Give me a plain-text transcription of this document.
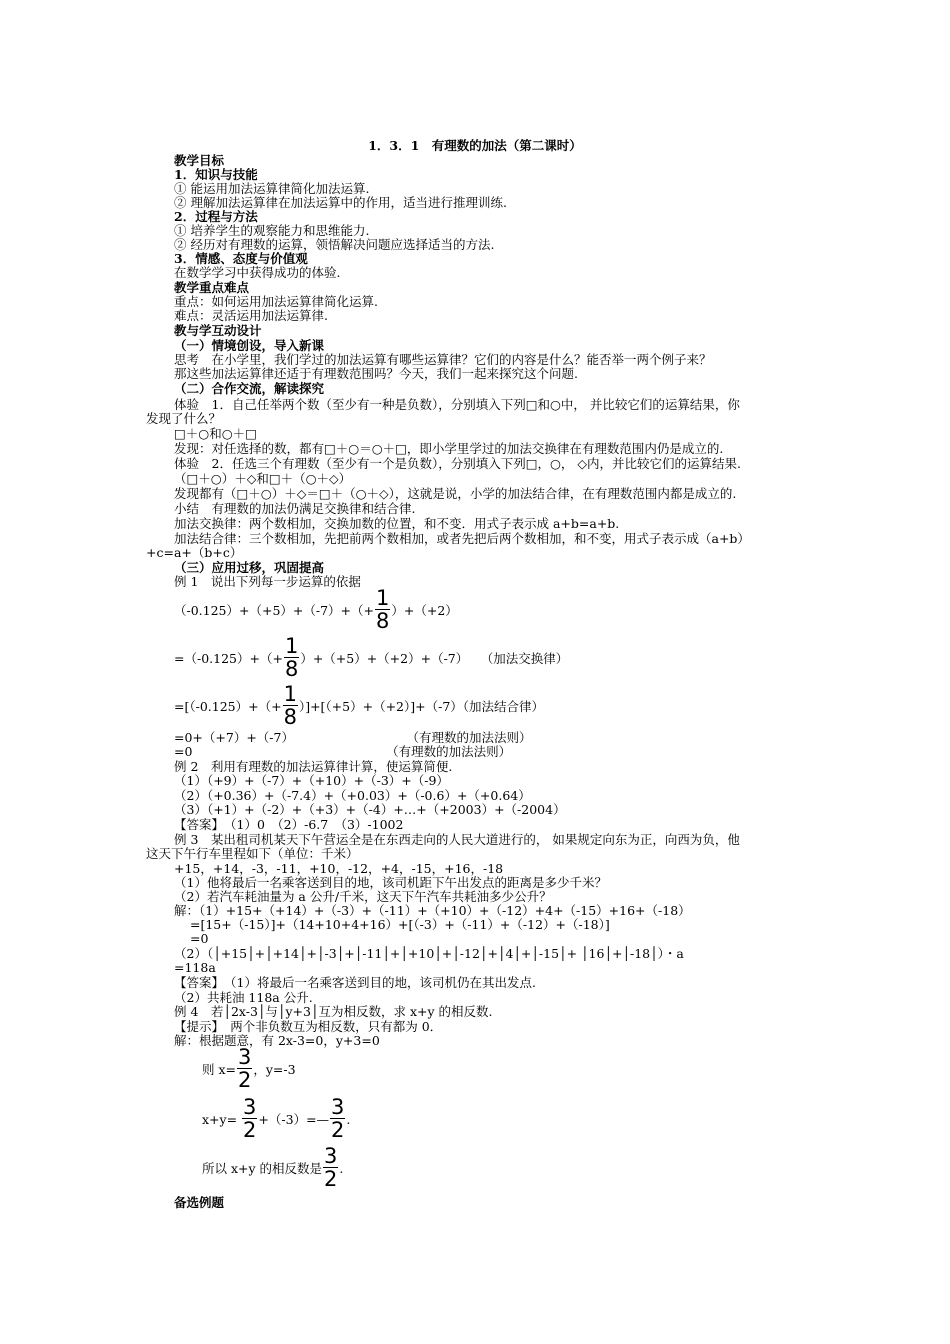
1．3．1　有理数的加法（第二课时）
教学目标
1．知识与技能
① 能运用加法运算律简化加法运算.
② 理解加法运算律在加法运算中的作用，适当进行推理训练.
2．过程与方法
① 培养学生的观察能力和思维能力.
② 经历对有理数的运算，领悟解决问题应选择适当的方法.
3．情感、态度与价值观
在数学学习中获得成功的体验.
教学重点难点
重点：如何运用加法运算律简化运算.
难点：灵活运用加法运算律.
教与学互动设计
（一）情境创设，导入新课
思考　在小学里，我们学过的加法运算有哪些运算律？它们的内容是什么？能否举一两个例子来？
那这些加法运算律还适于有理数范围吗？今天，我们一起来探究这个问题.
（二）合作交流，解读探究
体验　1．自己任举两个数（至少有一种是负数），分别填入下列□和○中， 并比较它们的运算结果，你
发现了什么？
□＋○和○＋□
发现：对任选择的数，都有□＋○＝○＋□，即小学里学过的加法交换律在有理数范围内仍是成立的.
体验　2．任选三个有理数（至少有一个是负数），分别填入下列□，○， ◇内，并比较它们的运算结果.
（□＋○）＋◇和□＋（○＋◇）
发现都有（□＋○）＋◇＝□＋（○＋◇），这就是说，小学的加法结合律，在有理数范围内都是成立的.
小结　有理数的加法仍满足交换律和结合律.
加法交换律：两个数相加，交换加数的位置，和不变．用式子表示成 a+b=a+b.
加法结合律：三个数相加，先把前两个数相加，或者先把后两个数相加，和不变，用式子表示成（a+b）
+c=a+（b+c）
（三）应用过移，巩固提高
例 1　说出下列每一步运算的依据
$(-0.125)+(+5)+(-7)+(+ \frac{1}{8} )+(+2)$
$=(-0.125)+(+ \frac{1}{8} )+(+5)+(+2)+(-7)$　　（加法交换律）
$=[(-0.125)+(+ \frac{1}{8} )]+[(+5)+(+2)]+(-7)$（加法结合律）
=0+（+7）+（-7）　　　　　　　　　　（有理数的加法法则）
=0　　　　　　　　　　　　　　　　（有理数的加法法则）
例 2　利用有理数的加法运算律计算，使运算简便.
（1）（+9）+（-7）+（+10）+（-3）+（-9）
（2）（+0.36）+（-7.4）+（+0.03）+（-0.6）+（+0.64）
（3）（+1）+（-2）+（+3）+（-4）+…+（+2003）+（-2004）
【答案】　（1）0　（2）-6.7　（3）-1002
例 3　某出租司机某天下午营运全是在东西走向的人民大道进行的， 如果规定向东为正，向西为负，他
这天下午行车里程如下（单位：千米）
+15，+14，-3，-11，+10，-12，+4，-15，+16，-18
（1）他将最后一名乘客送到目的地，该司机距下午出发点的距离是多少千米？
（2）若汽车耗油量为 a 公升/千米，这天下午汽车共耗油多少公升？
解：（1）+15+（+14）+（-3）+（-11）+（+10）+（-12）+4+（-15）+16+（-18）
=[15+（-15）]+（14+10+4+16）+[（-3）+（-11）+（-12）+（-18）]
=0
（2）（│+15│+│+14│+│-3│+│-11│+│+10│+│-12│+│4│+│-15│+ │16│+│-18│）・a
=118a
【答案】　（1）将最后一名乘客送到目的地，该司机仍在其出发点.
（2）共耗油 118a 公升.
例 4　若│2x-3│与│y+3│互为相反数，求 x+y 的相反数.
【提示】　两个非负数互为相反数，只有都为 0．
解：根据题意，有 2x-3=0，y+3=0
则 $x= \frac{3}{2}$ ，y=-3
$x+y= \frac{3}{2}$ +（-3）=— $\frac{3}{2}$ .
所以 x+y 的相反数是 $\frac{3}{2}$ .
备选例题
